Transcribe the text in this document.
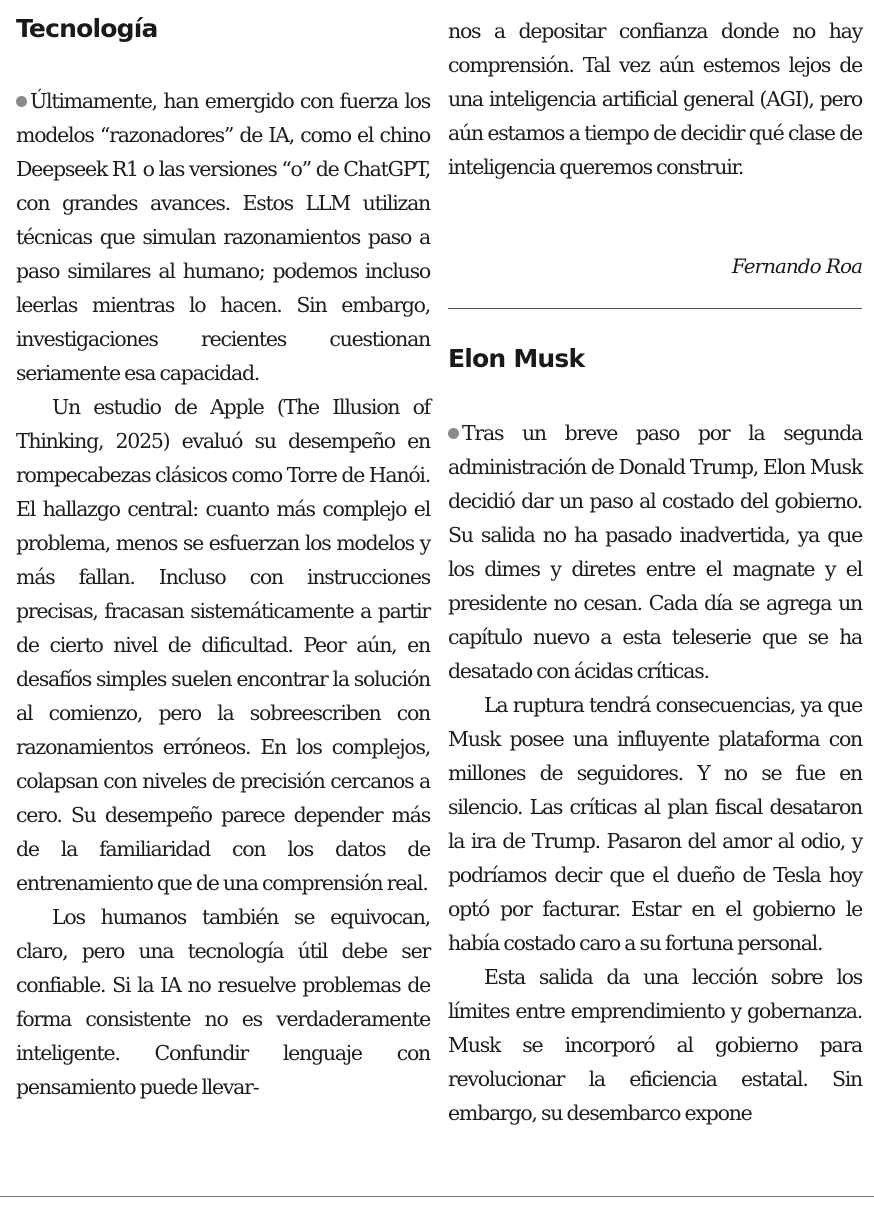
Tecnología

Últimamente, han emergido con fuerza los modelos “razonadores” de IA, como el chino Deepseek R1 o las versiones “o” de ChatGPT, con grandes avances. Estos LLM utilizan técnicas que simulan razonamientos paso a paso similares al humano; podemos incluso leerlas mientras lo hacen. Sin embargo, investigaciones recientes cuestionan seriamente esa capacidad.

Un estudio de Apple (The Illusion of Thinking, 2025) evaluó su desempeño en rompecabezas clásicos como Torre de Hanói. El hallazgo central: cuanto más complejo el problema, menos se esfuerzan los modelos y más fallan. Incluso con instrucciones precisas, fracasan sistemáticamente a partir de cierto nivel de dificultad. Peor aún, en desafíos simples suelen encontrar la solución al comienzo, pero la sobreescriben con razonamientos erróneos. En los complejos, colapsan con niveles de precisión cercanos a cero. Su desempeño parece depender más de la familiaridad con los datos de entrenamiento que de una comprensión real.

Los humanos también se equivocan, claro, pero una tecnología útil debe ser confiable. Si la IA no resuelve problemas de forma consistente no es verdaderamente inteligente. Confundir lenguaje con pensamiento puede llevar-

nos a depositar confianza donde no hay comprensión. Tal vez aún estemos lejos de una inteligencia artificial general (AGI), pero aún estamos a tiempo de decidir qué clase de inteligencia queremos construir.

Fernando Roa

Elon Musk

Tras un breve paso por la segunda administración de Donald Trump, Elon Musk decidió dar un paso al costado del gobierno. Su salida no ha pasado inadvertida, ya que los dimes y diretes entre el magnate y el presidente no cesan. Cada día se agrega un capítulo nuevo a esta teleserie que se ha desatado con ácidas críticas.

La ruptura tendrá consecuencias, ya que Musk posee una influyente plataforma con millones de seguidores. Y no se fue en silencio. Las críticas al plan fiscal desataron la ira de Trump. Pasaron del amor al odio, y podríamos decir que el dueño de Tesla hoy optó por facturar. Estar en el gobierno le había costado caro a su fortuna personal.

Esta salida da una lección sobre los límites entre emprendimiento y gobernanza. Musk se incorporó al gobierno para revolucionar la eficiencia estatal. Sin embargo, su desembarco expone
